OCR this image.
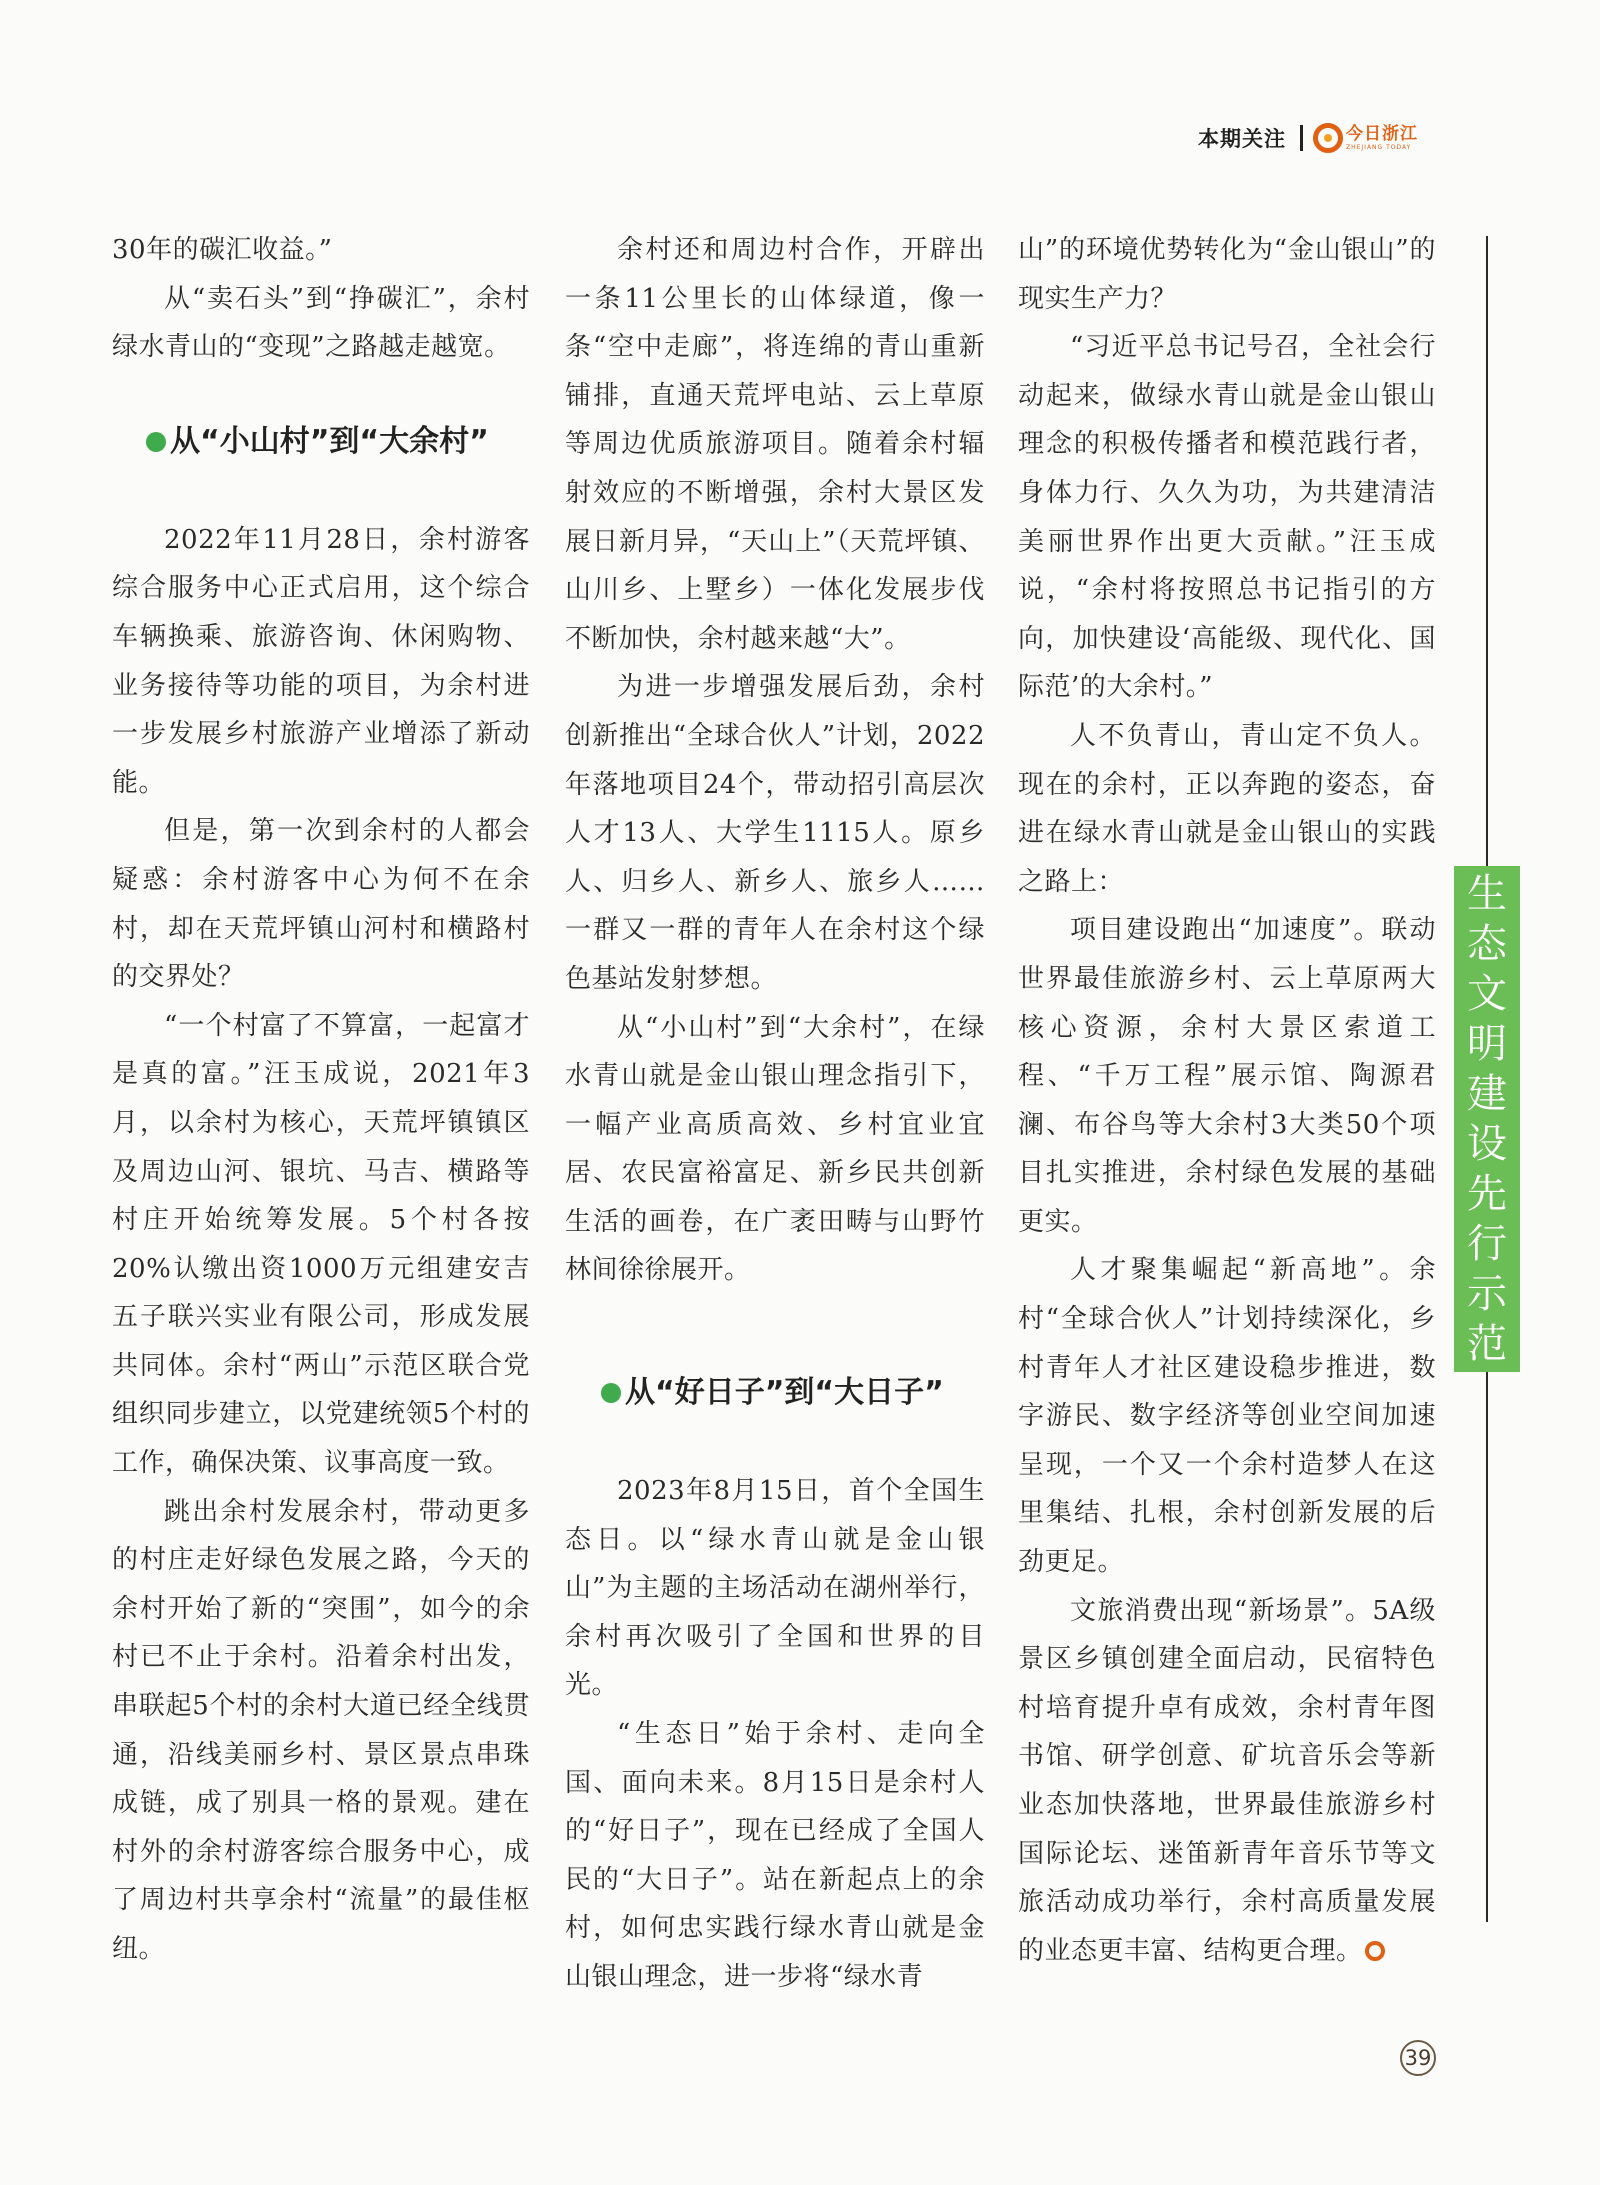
本期关注	今日浙江
ZHEJIANG TODAY

30年的碳汇收益。”

从“卖石头”到“挣碳汇”，余村绿水青山的“变现”之路越走越宽。

从“小山村”到“大余村”

2022年11月28日，余村游客综合服务中心正式启用，这个综合车辆换乘、旅游咨询、休闲购物、业务接待等功能的项目，为余村进一步发展乡村旅游产业增添了新动能。

但是，第一次到余村的人都会疑惑：余村游客中心为何不在余村，却在天荒坪镇山河村和横路村的交界处？

“一个村富了不算富，一起富才是真的富。”汪玉成说，2021年3月，以余村为核心，天荒坪镇镇区及周边山河、银坑、马吉、横路等村庄开始统筹发展。5个村各按20%认缴出资1000万元组建安吉五子联兴实业有限公司，形成发展共同体。余村“两山”示范区联合党组织同步建立，以党建统领5个村的工作，确保决策、议事高度一致。

跳出余村发展余村，带动更多的村庄走好绿色发展之路，今天的余村开始了新的“突围”，如今的余村已不止于余村。沿着余村出发，串联起5个村的余村大道已经全线贯通，沿线美丽乡村、景区景点串珠成链，成了别具一格的景观。建在村外的余村游客综合服务中心，成了周边村共享余村“流量”的最佳枢纽。

余村还和周边村合作，开辟出一条11公里长的山体绿道，像一条“空中走廊”，将连绵的青山重新铺排，直通天荒坪电站、云上草原等周边优质旅游项目。随着余村辐射效应的不断增强，余村大景区发展日新月异，“天山上”（天荒坪镇、山川乡、上墅乡）一体化发展步伐不断加快，余村越来越“大”。

为进一步增强发展后劲，余村创新推出“全球合伙人”计划，2022年落地项目24个，带动招引高层次人才13人、大学生1115人。原乡人、归乡人、新乡人、旅乡人……一群又一群的青年人在余村这个绿色基站发射梦想。

从“小山村”到“大余村”，在绿水青山就是金山银山理念指引下，一幅产业高质高效、乡村宜业宜居、农民富裕富足、新乡民共创新生活的画卷，在广袤田畴与山野竹林间徐徐展开。

从“好日子”到“大日子”

2023年8月15日，首个全国生态日。以“绿水青山就是金山银山”为主题的主场活动在湖州举行，余村再次吸引了全国和世界的目光。

“生态日”始于余村、走向全国、面向未来。8月15日是余村人的“好日子”，现在已经成了全国人民的“大日子”。站在新起点上的余村，如何忠实践行绿水青山就是金山银山理念，进一步将“绿水青

山”的环境优势转化为“金山银山”的现实生产力？

“习近平总书记号召，全社会行动起来，做绿水青山就是金山银山理念的积极传播者和模范践行者，身体力行、久久为功，为共建清洁美丽世界作出更大贡献。”汪玉成说，“余村将按照总书记指引的方向，加快建设‘高能级、现代化、国际范’的大余村。”

人不负青山，青山定不负人。现在的余村，正以奔跑的姿态，奋进在绿水青山就是金山银山的实践之路上：

项目建设跑出“加速度”。联动世界最佳旅游乡村、云上草原两大核心资源，余村大景区索道工程、“千万工程”展示馆、陶源君澜、布谷鸟等大余村3大类50个项目扎实推进，余村绿色发展的基础更实。

人才聚集崛起“新高地”。余村“全球合伙人”计划持续深化，乡村青年人才社区建设稳步推进，数字游民、数字经济等创业空间加速呈现，一个又一个余村造梦人在这里集结、扎根，余村创新发展的后劲更足。

文旅消费出现“新场景”。5A级景区乡镇创建全面启动，民宿特色村培育提升卓有成效，余村青年图书馆、研学创意、矿坑音乐会等新业态加快落地，世界最佳旅游乡村国际论坛、迷笛新青年音乐节等文旅活动成功举行，余村高质量发展的业态更丰富、结构更合理。

生
态
文
明
建
设
先
行
示
范
39
